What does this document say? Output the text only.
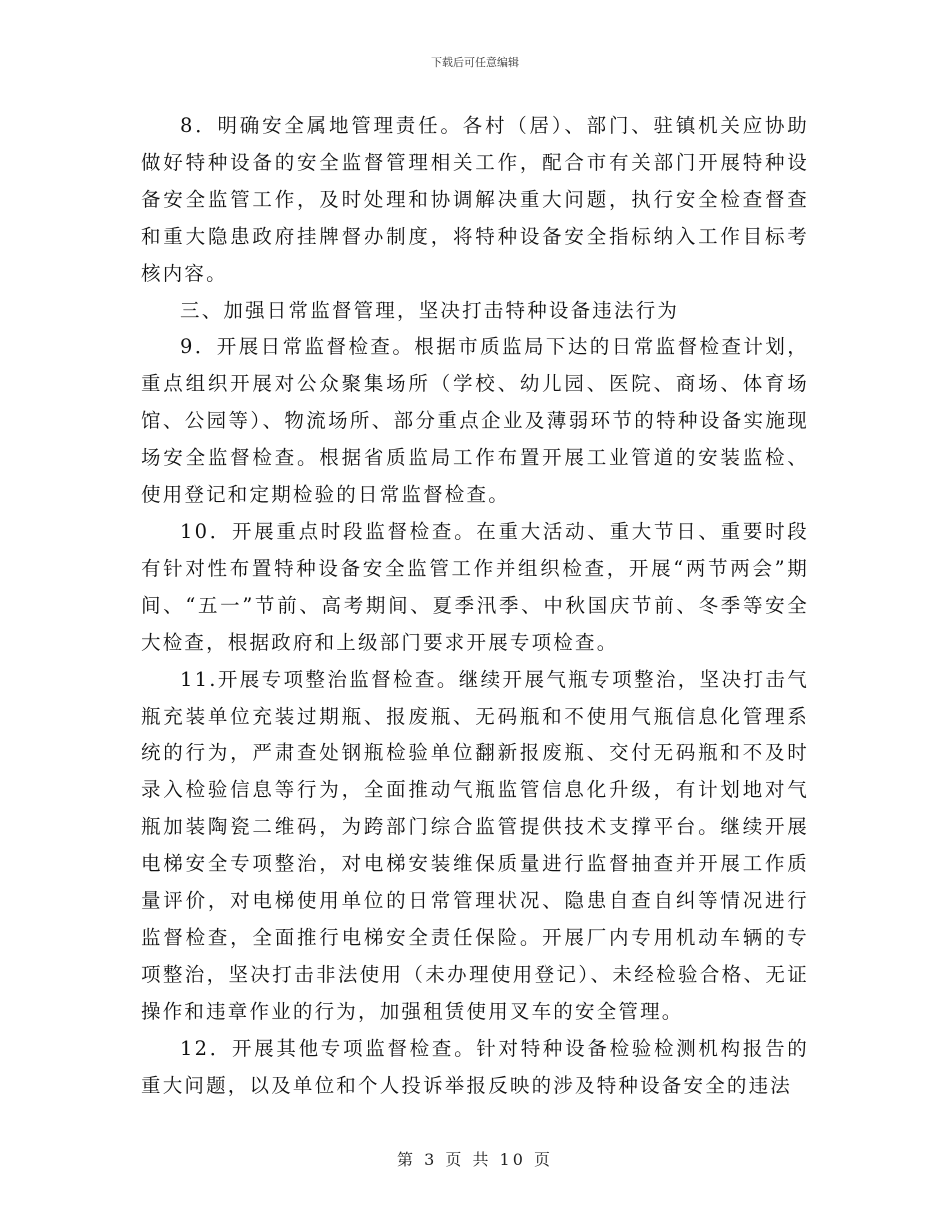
下载后可任意编辑

8．明确安全属地管理责任。各村（居）、部门、驻镇机关应协助做好特种设备的安全监督管理相关工作，配合市有关部门开展特种设备安全监管工作，及时处理和协调解决重大问题，执行安全检查督查和重大隐患政府挂牌督办制度，将特种设备安全指标纳入工作目标考核内容。

三、加强日常监督管理，坚决打击特种设备违法行为

9．开展日常监督检查。根据市质监局下达的日常监督检查计划，重点组织开展对公众聚集场所（学校、幼儿园、医院、商场、体育场馆、公园等）、物流场所、部分重点企业及薄弱环节的特种设备实施现场安全监督检查。根据省质监局工作布置开展工业管道的安装监检、使用登记和定期检验的日常监督检查。

10．开展重点时段监督检查。在重大活动、重大节日、重要时段有针对性布置特种设备安全监管工作并组织检查，开展“两节两会”期间、“五一”节前、高考期间、夏季汛季、中秋国庆节前、冬季等安全大检查，根据政府和上级部门要求开展专项检查。

11.开展专项整治监督检查。继续开展气瓶专项整治，坚决打击气瓶充装单位充装过期瓶、报废瓶、无码瓶和不使用气瓶信息化管理系统的行为，严肃查处钢瓶检验单位翻新报废瓶、交付无码瓶和不及时录入检验信息等行为，全面推动气瓶监管信息化升级，有计划地对气瓶加装陶瓷二维码，为跨部门综合监管提供技术支撑平台。继续开展电梯安全专项整治，对电梯安装维保质量进行监督抽查并开展工作质量评价，对电梯使用单位的日常管理状况、隐患自查自纠等情况进行监督检查，全面推行电梯安全责任保险。开展厂内专用机动车辆的专项整治，坚决打击非法使用（未办理使用登记）、未经检验合格、无证操作和违章作业的行为，加强租赁使用叉车的安全管理。

12．开展其他专项监督检查。针对特种设备检验检测机构报告的重大问题，以及单位和个人投诉举报反映的涉及特种设备安全的违法

第 3 页 共 10 页
